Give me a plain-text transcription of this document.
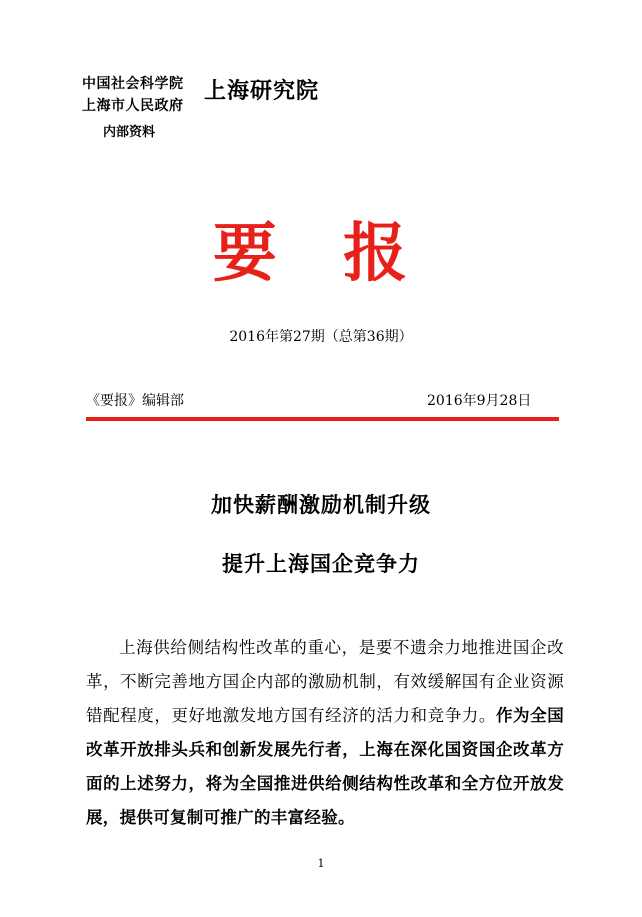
中国社会科学院
上海市人民政府
上海研究院
内部资料
要 报
2016年第27期（总第36期）
《要报》编辑部	2016年9月28日
加快薪酬激励机制升级
提升上海国企竞争力

上海供给侧结构性改革的重心，是要不遗余力地推进国企改革，不断完善地方国企内部的激励机制，有效缓解国有企业资源错配程度，更好地激发地方国有经济的活力和竞争力。作为全国改革开放排头兵和创新发展先行者，上海在深化国资国企改革方面的上述努力，将为全国推进供给侧结构性改革和全方位开放发展，提供可复制可推广的丰富经验。

1
